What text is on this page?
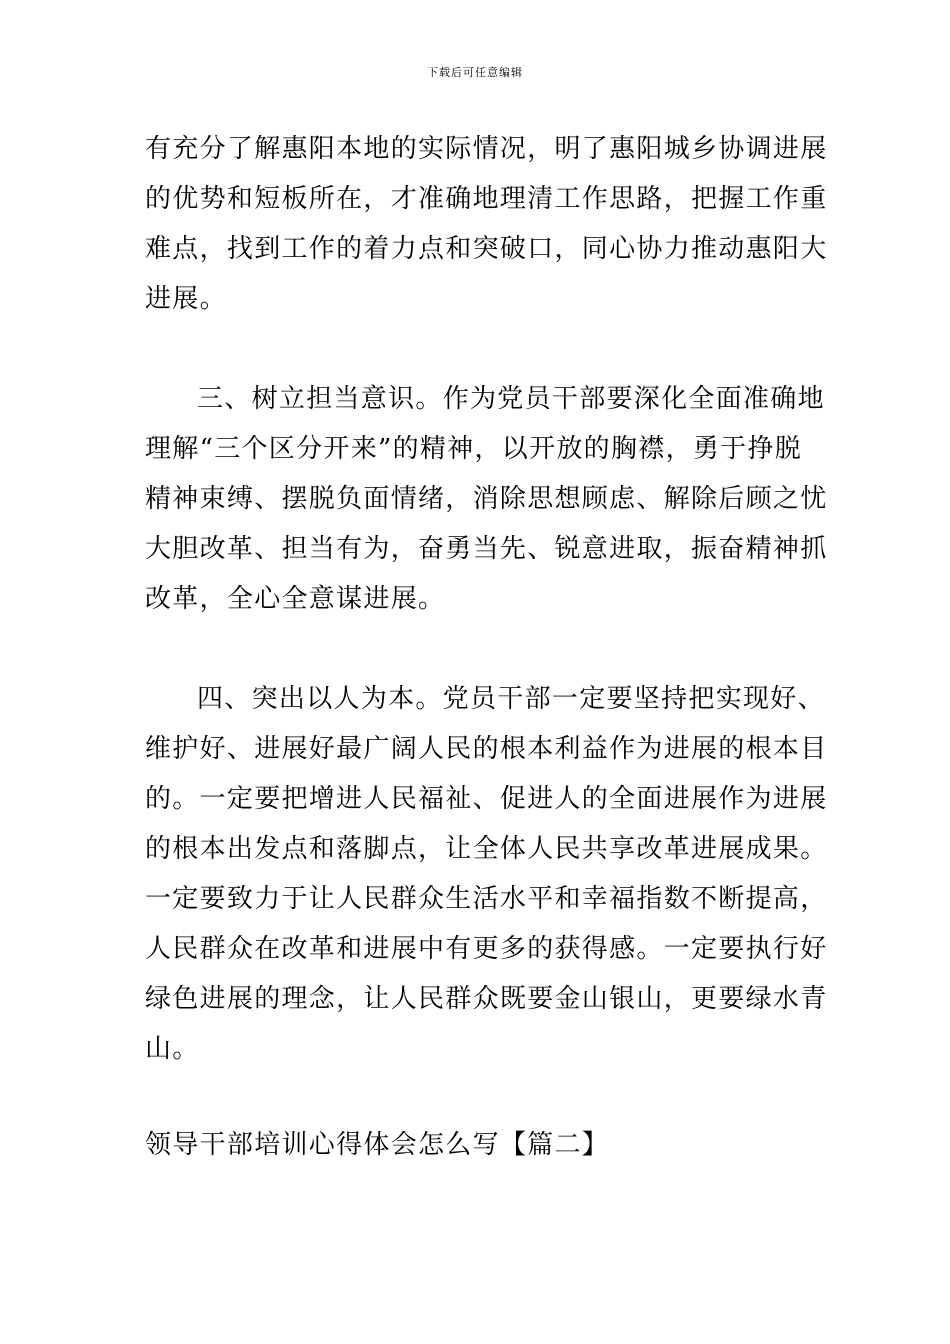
下载后可任意编辑
有充分了解惠阳本地的实际情况，明了惠阳城乡协调进展
的优势和短板所在，才准确地理清工作思路，把握工作重
难点，找到工作的着力点和突破口，同心协力推动惠阳大
进展。
三、树立担当意识。作为党员干部要深化全面准确地
理解“三个区分开来”的精神，以开放的胸襟，勇于挣脱
精神束缚、摆脱负面情绪，消除思想顾虑、解除后顾之忧
大胆改革、担当有为，奋勇当先、锐意进取，振奋精神抓
改革，全心全意谋进展。
四、突出以人为本。党员干部一定要坚持把实现好、
维护好、进展好最广阔人民的根本利益作为进展的根本目
的。一定要把增进人民福祉、促进人的全面进展作为进展
的根本出发点和落脚点，让全体人民共享改革进展成果。
一定要致力于让人民群众生活水平和幸福指数不断提高，
人民群众在改革和进展中有更多的获得感。一定要执行好
绿色进展的理念，让人民群众既要金山银山，更要绿水青
山。
领导干部培训心得体会怎么写【篇二】
